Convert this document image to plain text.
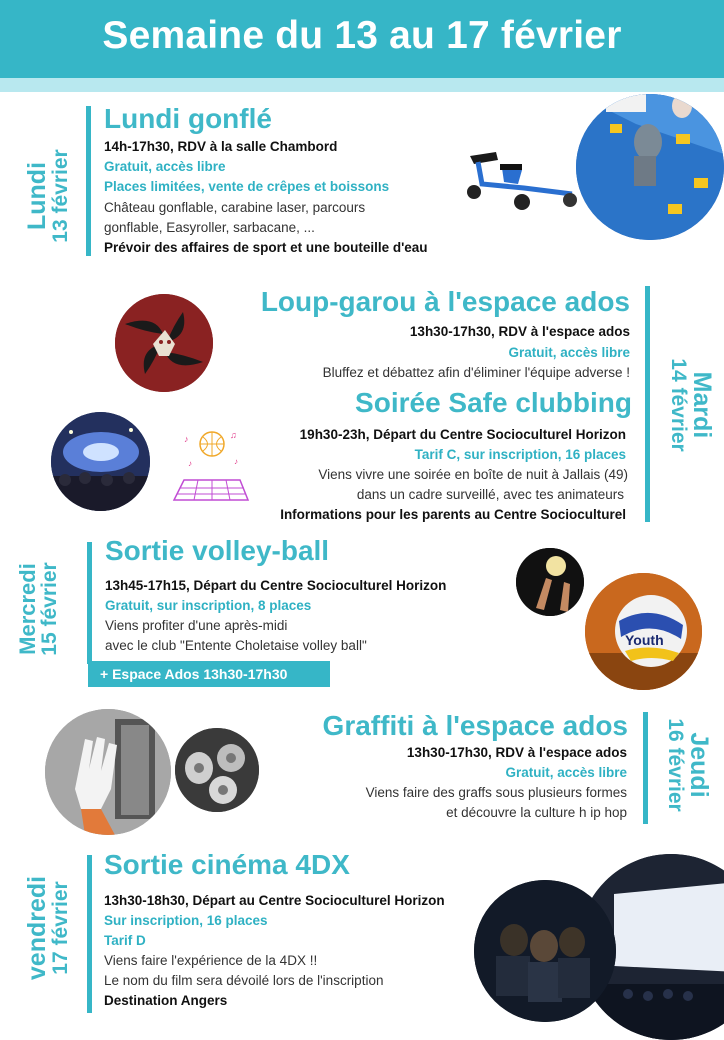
Semaine du 13 au 17 février
Lundi
13 février
Lundi gonflé
14h-17h30, RDV à la salle Chambord
Gratuit, accès libre
Places limitées, vente de crêpes et boissons
Château gonflable, carabine laser, parcours
gonflable, Easyroller, sarbacane, ...
Prévoir des affaires de sport et une bouteille d'eau
Mardi
14 février
Loup-garou à l'espace ados
13h30-17h30, RDV à l'espace ados
Gratuit, accès libre
Bluffez et débattez afin d'éliminer l'équipe adverse !
Soirée Safe clubbing
19h30-23h, Départ du Centre Socioculturel Horizon
Tarif C, sur inscription, 16 places
Viens vivre une soirée en boîte de nuit à Jallais (49)
dans un cadre surveillé, avec tes animateurs
Informations pour les parents au Centre Socioculturel
♪	♫
♪	♪
Mercredi
15 février
Sortie volley-ball
13h45-17h15, Départ du Centre Socioculturel Horizon
Gratuit, sur inscription, 8 places
Viens profiter d'une après-midi
avec le club "Entente Choletaise volley ball"
+ Espace Ados 13h30-17h30
Youth
Jeudi
16 février
Graffiti à l'espace ados
13h30-17h30, RDV à l'espace ados
Gratuit, accès libre
Viens faire des graffs sous plusieurs formes
et découvre la culture h ip hop
vendredi
17 février
Sortie cinéma 4DX
13h30-18h30, Départ au Centre Socioculturel Horizon
Sur inscription, 16 places
Tarif D
Viens faire l'expérience de la 4DX !!
Le nom du film sera dévoilé lors de l'inscription
Destination Angers
